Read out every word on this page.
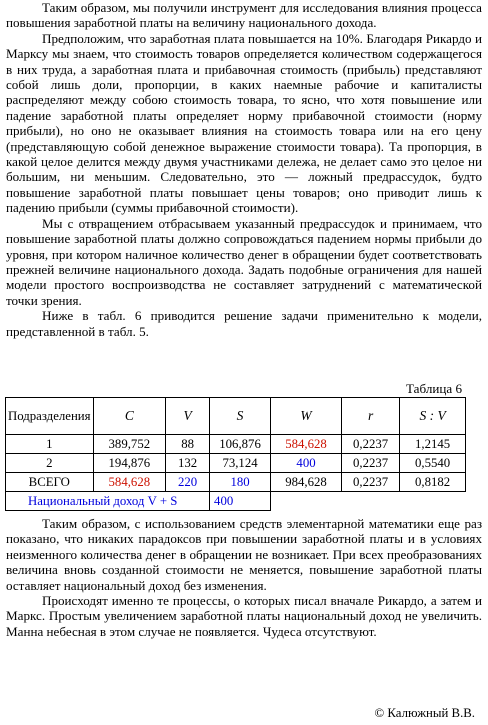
Таким образом, мы получили инструмент для исследования влияния процесса повышения заработной платы на величину национального дохода.

Предположим, что заработная плата повышается на 10%. Благодаря Рикардо и Марксу мы знаем, что стоимость товаров определяется количеством содержащегося в них труда, а заработная плата и прибавочная стоимость (прибыль) представляют собой лишь доли, пропорции, в каких наемные рабочие и капиталисты распределяют между собою стоимость товара, то ясно, что хотя повышение или падение заработной платы определяет норму прибавочной стоимости (норму прибыли), но оно не оказывает влияния на стоимость товара или на его цену (представляющую собой денежное выражение стоимости товара). Та пропорция, в какой целое делится между двумя участниками дележа, не делает само это целое ни большим, ни меньшим. Следовательно, это — ложный предрассудок, будто повышение заработной платы повышает цены товаров; оно приводит лишь к падению прибыли (суммы прибавочной стоимости).

Мы с отвращением отбрасываем указанный предрассудок и принимаем, что повышение заработной платы должно сопровождаться падением нормы прибыли до уровня, при котором наличное количество денег в обращении будет соответствовать прежней величине национального дохода. Задать подобные ограничения для нашей модели простого воспроизводства не составляет затруднений с математической точки зрения.

Ниже в табл. 6 приводится решение задачи применительно к модели, представленной в табл. 5.

Таблица 6
Подразделения	C	V	S	W	r	S : V
1	389,752	88	106,876	584,628	0,2237	1,2145
2	194,876	132	73,124	400	0,2237	0,5540
ВСЕГО	584,628	220	180	984,628	0,2237	0,8182
Национальный доход V + S			400			

Таким образом, с использованием средств элементарной математики еще раз показано, что никаких парадоксов при повышении заработной платы и в условиях неизменного количества денег в обращении не возникает. При всех преобразованиях величина вновь созданной стоимости не меняется, повышение заработной платы оставляет национальный доход без изменения.

Происходят именно те процессы, о которых писал вначале Рикардо, а затем и Маркс. Простым увеличением заработной платы национальный доход не увеличить. Манна небесная в этом случае не появляется. Чудеса отсутствуют.

© Калюжный В.В.
